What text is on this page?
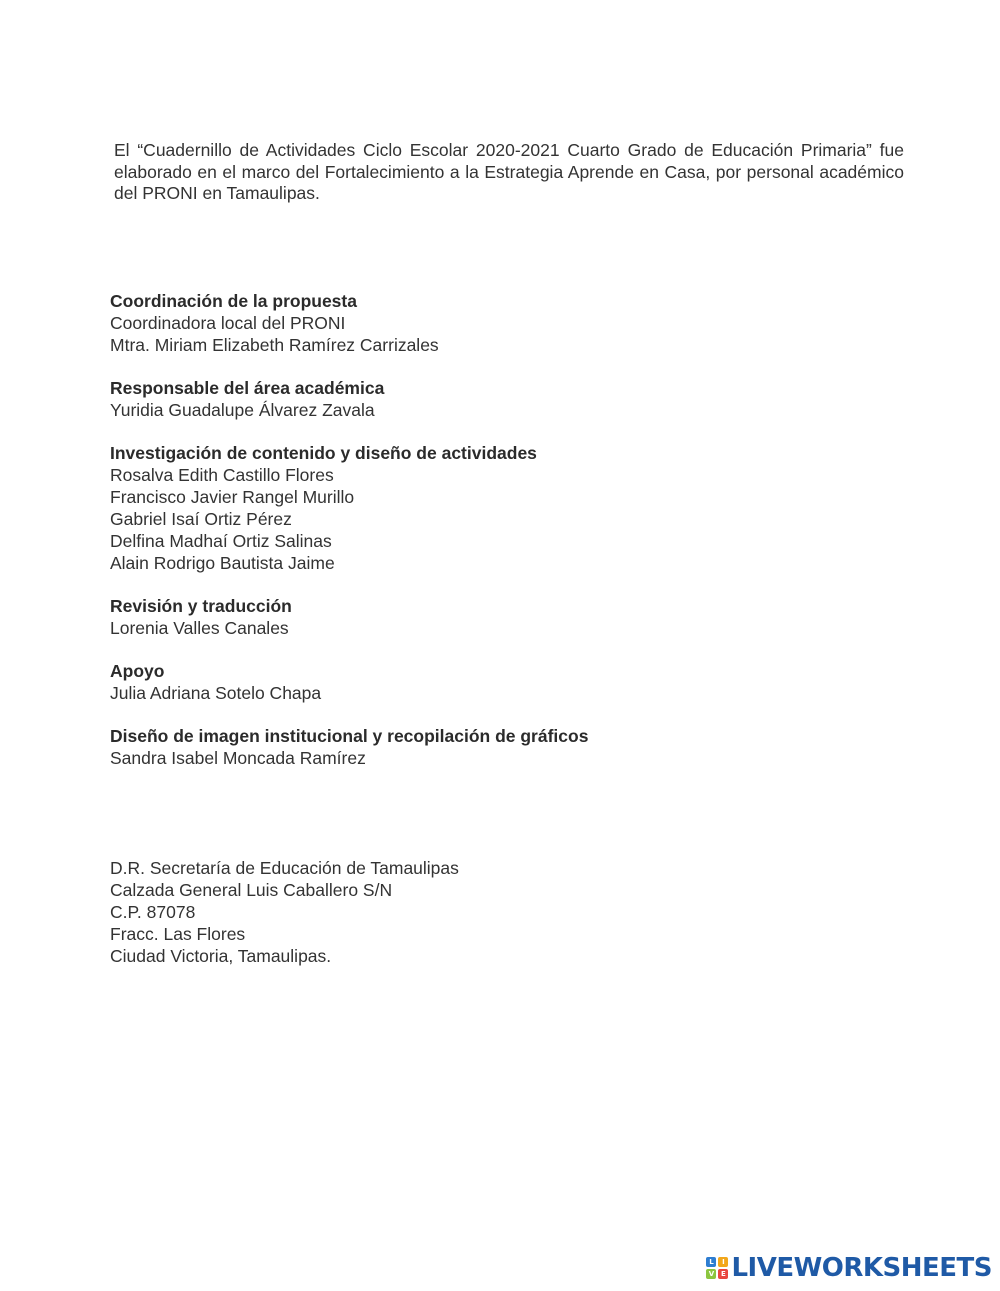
El “Cuadernillo de Actividades Ciclo Escolar 2020-2021 Cuarto Grado de Educación Primaria” fue elaborado en el marco del Fortalecimiento a la Estrategia Aprende en Casa, por personal académico del PRONI en Tamaulipas.
Coordinación de la propuesta
Coordinadora local del PRONI
Mtra. Miriam Elizabeth Ramírez Carrizales
Responsable del área académica
Yuridia Guadalupe Álvarez Zavala
Investigación de contenido y diseño de actividades
Rosalva Edith Castillo Flores
Francisco Javier Rangel Murillo
Gabriel Isaí Ortiz Pérez
Delfina Madhaí Ortiz Salinas
Alain Rodrigo Bautista Jaime
Revisión y traducción
Lorenia Valles Canales
Apoyo
Julia Adriana Sotelo Chapa
Diseño de imagen institucional y recopilación de gráficos
Sandra Isabel Moncada Ramírez
D.R. Secretaría de Educación de Tamaulipas
Calzada General Luis Caballero S/N
C.P. 87078
Fracc. Las Flores
Ciudad Victoria, Tamaulipas.
L	I
V E LIVEWORKSHEETS
